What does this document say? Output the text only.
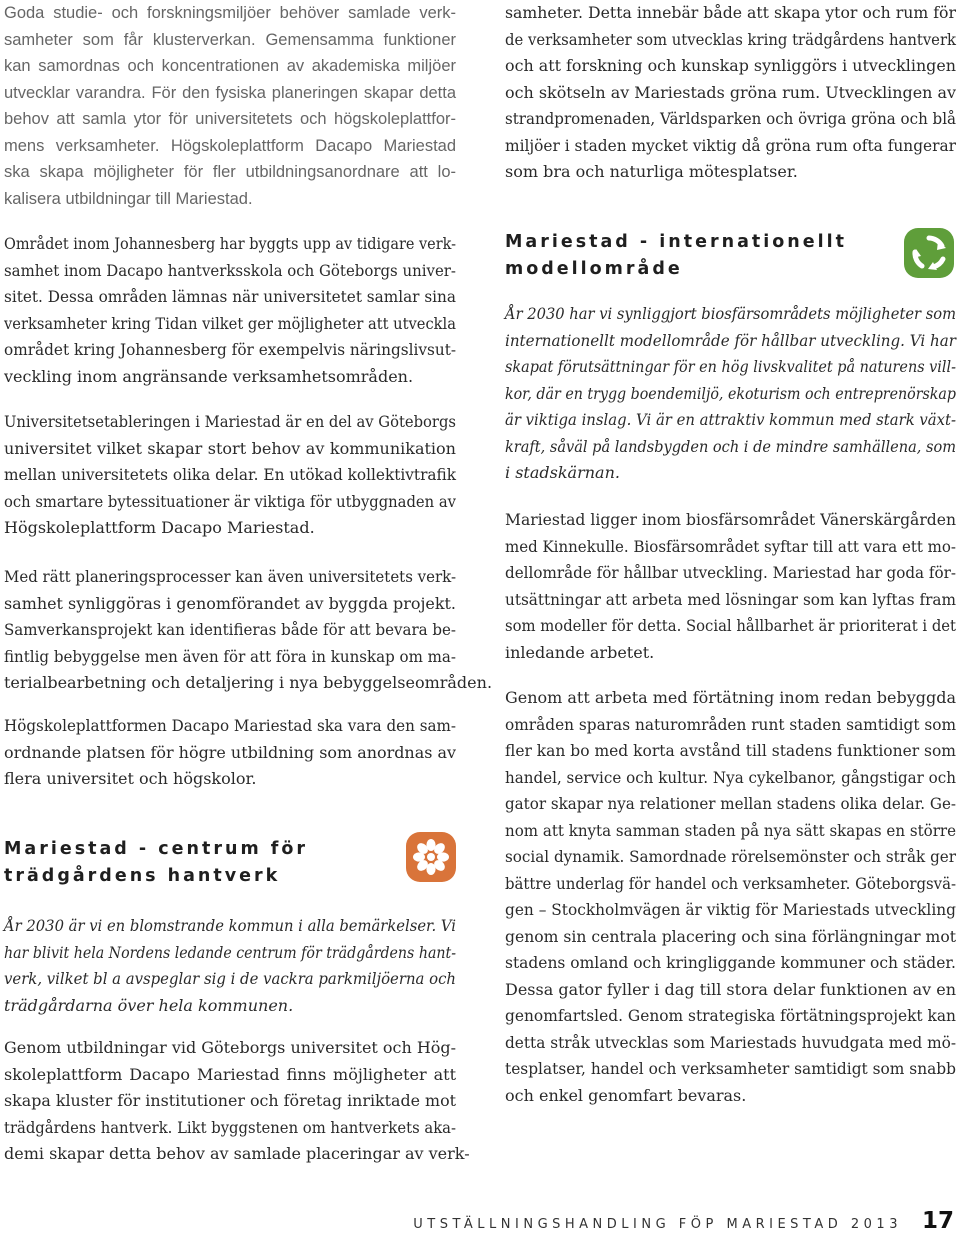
Goda studie- och forskningsmiljöer behöver samlade verk-
samheter som får klusterverkan. Gemensamma funktioner
kan samordnas och koncentrationen av akademiska miljöer
utvecklar varandra. För den fysiska planeringen skapar detta
behov att samla ytor för universitetets och högskoleplattfor-
mens verksamheter. Högskoleplattform Dacapo Mariestad
ska skapa möjligheter för fler utbildningsanordnare att lo-
kalisera utbildningar till Mariestad.

Området inom Johannesberg har byggts upp av tidigare verk-
samhet inom Dacapo hantverksskola och Göteborgs univer-
sitet. Dessa områden lämnas när universitetet samlar sina
verksamheter kring Tidan vilket ger möjligheter att utveckla
området kring Johannesberg för exempelvis näringslivsut-
veckling inom angränsande verksamhetsområden.

Universitetsetableringen i Mariestad är en del av Göteborgs
universitet vilket skapar stort behov av kommunikation
mellan universitetets olika delar. En utökad kollektivtrafik
och smartare bytessituationer är viktiga för utbyggnaden av
Högskoleplattform Dacapo Mariestad.

Med rätt planeringsprocesser kan även universitetets verk-
samhet synliggöras i genomförandet av byggda projekt.
Samverkansprojekt kan identifieras både för att bevara be-
fintlig bebyggelse men även för att föra in kunskap om ma-
terialbearbetning och detaljering i nya bebyggelseområden.

Högskoleplattformen Dacapo Mariestad ska vara den sam-
ordnande platsen för högre utbildning som anordnas av
flera universitet och högskolor.

Mariestad - centrum för
trädgårdens hantverk

År 2030 är vi en blomstrande kommun i alla bemärkelser. Vi
har blivit hela Nordens ledande centrum för trädgårdens hant-
verk, vilket bl a avspeglar sig i de vackra parkmiljöerna och
trädgårdarna över hela kommunen.

Genom utbildningar vid Göteborgs universitet och Hög-
skoleplattform Dacapo Mariestad finns möjligheter att
skapa kluster för institutioner och företag inriktade mot
trädgårdens hantverk. Likt byggstenen om hantverkets aka-
demi skapar detta behov av samlade placeringar av verk-

samheter. Detta innebär både att skapa ytor och rum för
de verksamheter som utvecklas kring trädgårdens hantverk
och att forskning och kunskap synliggörs i utvecklingen
och skötseln av Mariestads gröna rum. Utvecklingen av
strandpromenaden, Världsparken och övriga gröna och blå
miljöer i staden mycket viktig då gröna rum ofta fungerar
som bra och naturliga mötesplatser.

Mariestad - internationellt
modellområde

År 2030 har vi synliggjort biosfärsområdets möjligheter som
internationellt modellområde för hållbar utveckling. Vi har
skapat förutsättningar för en hög livskvalitet på naturens vill-
kor, där en trygg boendemiljö, ekoturism och entreprenörskap
är viktiga inslag. Vi är en attraktiv kommun med stark växt-
kraft, såväl på landsbygden och i de mindre samhällena, som
i stadskärnan.

Mariestad ligger inom biosfärsområdet Vänerskärgården
med Kinnekulle. Biosfärsområdet syftar till att vara ett mo-
dellområde för hållbar utveckling. Mariestad har goda för-
utsättningar att arbeta med lösningar som kan lyftas fram
som modeller för detta. Social hållbarhet är prioriterat i det
inledande arbetet.

Genom att arbeta med förtätning inom redan bebyggda
områden sparas naturområden runt staden samtidigt som
fler kan bo med korta avstånd till stadens funktioner som
handel, service och kultur. Nya cykelbanor, gångstigar och
gator skapar nya relationer mellan stadens olika delar. Ge-
nom att knyta samman staden på nya sätt skapas en större
social dynamik. Samordnade rörelsemönster och stråk ger
bättre underlag för handel och verksamheter. Göteborgsvä-
gen – Stockholmvägen är viktig för Mariestads utveckling
genom sin centrala placering och sina förlängningar mot
stadens omland och kringliggande kommuner och städer.
Dessa gator fyller i dag till stora delar funktionen av en
genomfartsled. Genom strategiska förtätningsprojekt kan
detta stråk utvecklas som Mariestads huvudgata med mö-
tesplatser, handel och verksamheter samtidigt som snabb
och enkel genomfart bevaras.

UTSTÄLLNINGSHANDLING FÖP MARIESTAD 2013 17
